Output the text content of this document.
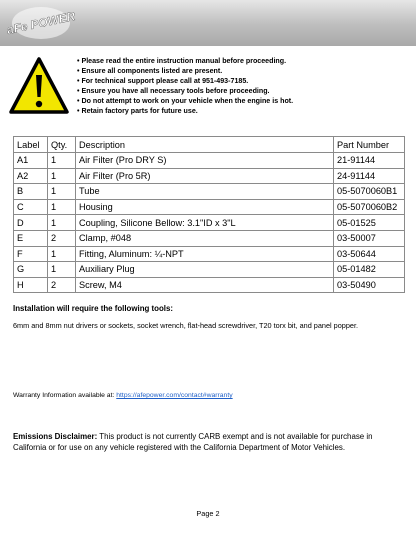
aFe POWER
• Please read the entire instruction manual before proceeding.
• Ensure all components listed are present.
• For technical support please call at 951-493-7185.
• Ensure you have all necessary tools before proceeding.
• Do not attempt to work on your vehicle when the engine is hot.
• Retain factory parts for future use.
Label	Qty.	Description	Part Number
A1	1	Air Filter (Pro DRY S)	21-91144
A2	1	Air Filter (Pro 5R)	24-91144
B	1	Tube	05-5070060B1
C	1	Housing	05-5070060B2
D	1	Coupling, Silicone Bellow: 3.1"ID x 3"L	05-01525
E	2	Clamp, #048	03-50007
F	1	Fitting, Aluminum: ¼-NPT	03-50644
G	1	Auxiliary Plug	05-01482
H	2	Screw, M4	03-50490
Installation will require the following tools:
6mm and 8mm nut drivers or sockets, socket wrench, flat-head screwdriver, T20 torx bit, and panel popper.
Warranty Information available at: https://afepower.com/contact#warranty
Emissions Disclaimer: This product is not currently CARB exempt and is not available for purchase in California or for use on any vehicle registered with the California Department of Motor Vehicles.
Page 2
